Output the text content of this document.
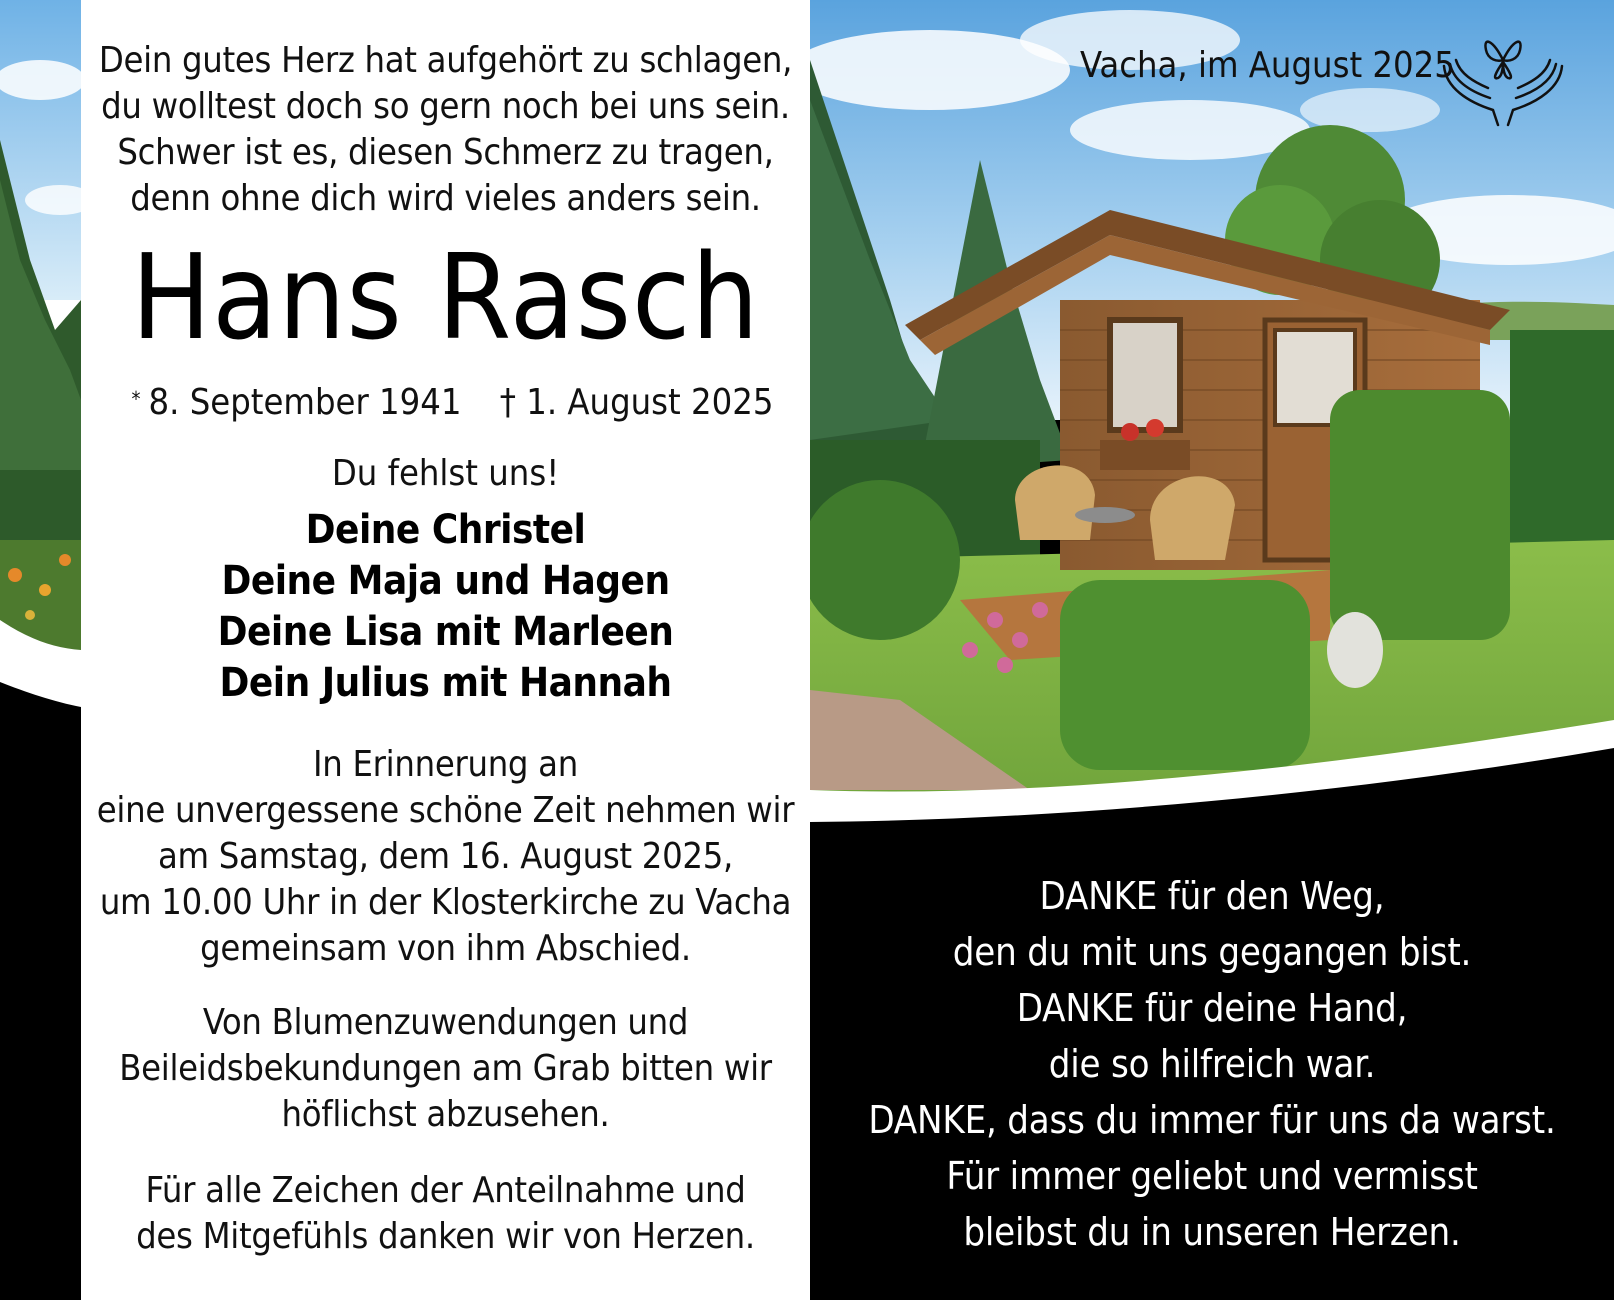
Dein gutes Herz hat aufgehört zu schlagen,
du wolltest doch so gern noch bei uns sein.
Schwer ist es, diesen Schmerz zu tragen,
denn ohne dich wird vieles anders sein.
Hans Rasch
* 8. September 1941 † 1. August 2025
Du fehlst uns!
Deine Christel
Deine Maja und Hagen
Deine Lisa mit Marleen
Dein Julius mit Hannah
In Erinnerung an
eine unvergessene schöne Zeit nehmen wir
am Samstag, dem 16. August 2025,
um 10.00 Uhr in der Klosterkirche zu Vacha
gemeinsam von ihm Abschied.
Von Blumenzuwendungen und
Beileidsbekundungen am Grab bitten wir
höflichst abzusehen.
Für alle Zeichen der Anteilnahme und
des Mitgefühls danken wir von Herzen.
Vacha, im August 2025
DANKE für den Weg,
den du mit uns gegangen bist.
DANKE für deine Hand,
die so hilfreich war.
DANKE, dass du immer für uns da warst.
Für immer geliebt und vermisst
bleibst du in unseren Herzen.
